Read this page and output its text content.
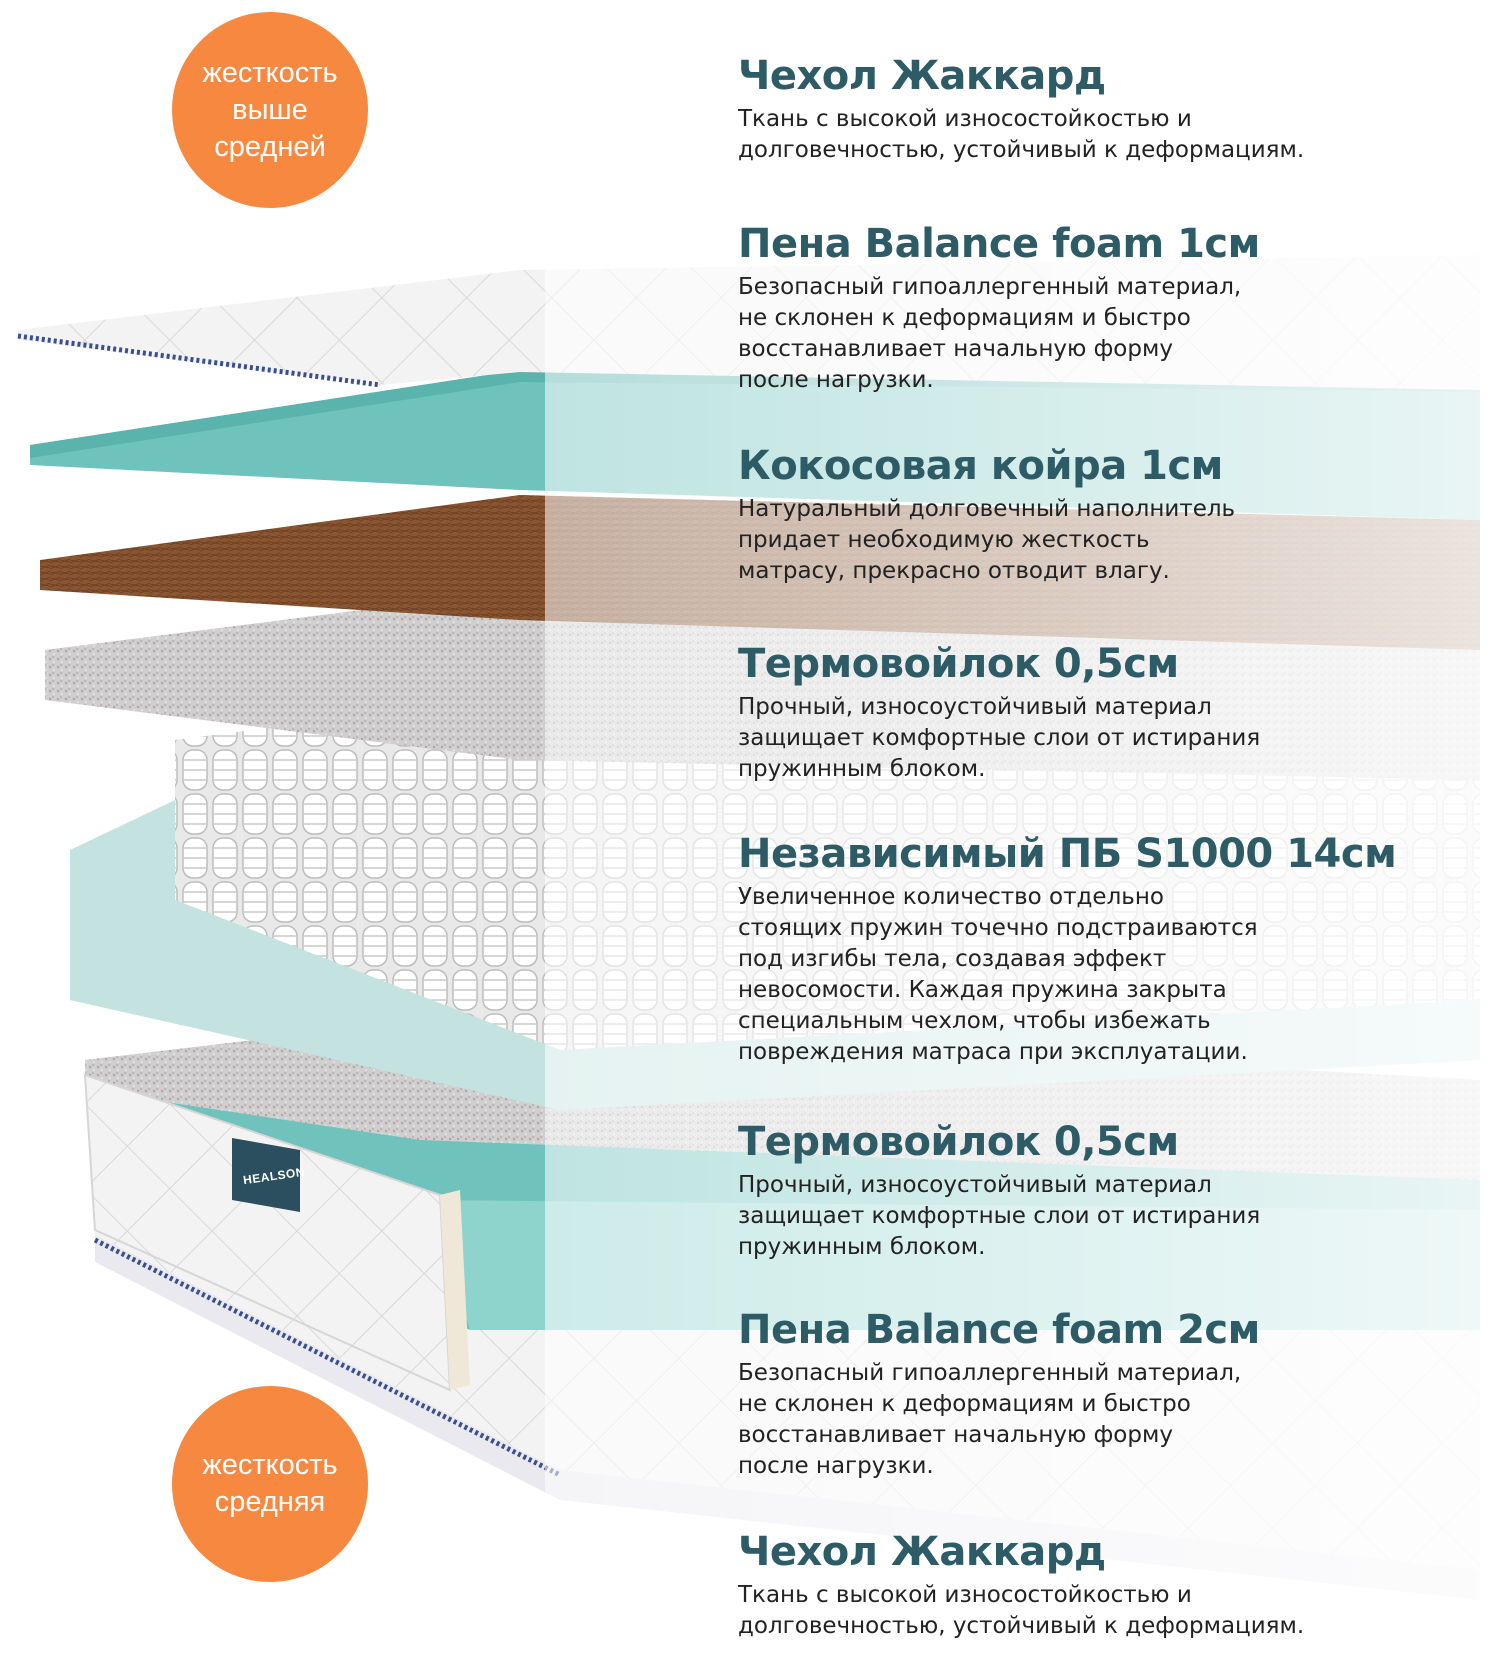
жесткость
выше
средней
жесткость
средняя
HEALSON
Чехол Жаккард

Ткань с высокой износостойкостью и
долговечностью, устойчивый к деформациям.

Пена Balance foam 1см

Безопасный гипоаллергенный материал,
не склонен к деформациям и быстро
восстанавливает начальную форму
после нагрузки.

Кокосовая койра 1см

Натуральный долговечный наполнитель
придает необходимую жесткость
матрасу, прекрасно отводит влагу.

Термовойлок 0,5см

Прочный, износоустойчивый материал
защищает комфортные слои от истирания
пружинным блоком.

Независимый ПБ S1000 14см

Увеличенное количество отдельно
стоящих пружин точечно подстраиваются
под изгибы тела, создавая эффект
невосомости. Каждая пружина закрыта
специальным чехлом, чтобы избежать
повреждения матраса при эксплуатации.

Термовойлок 0,5см

Прочный, износоустойчивый материал
защищает комфортные слои от истирания
пружинным блоком.

Пена Balance foam 2см

Безопасный гипоаллергенный материал,
не склонен к деформациям и быстро
восстанавливает начальную форму
после нагрузки.

Чехол Жаккард

Ткань с высокой износостойкостью и
долговечностью, устойчивый к деформациям.
